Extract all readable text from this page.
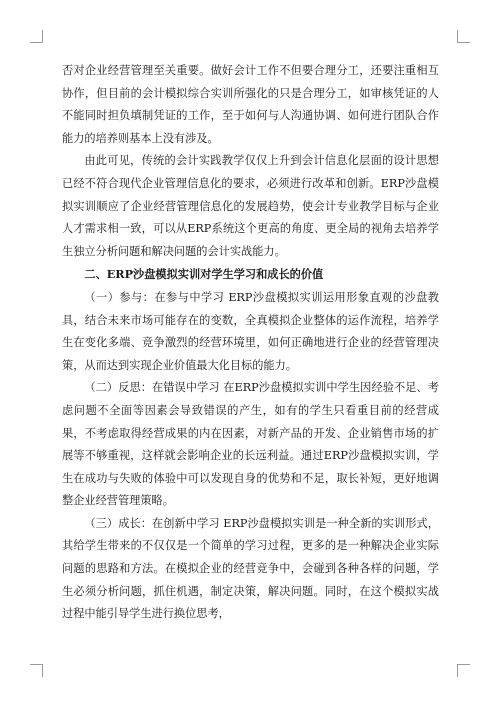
否对企业经营管理至关重要。做好会计工作不但要合理分工，还要注重相互协作，但目前的会计模拟综合实训所强化的只是合理分工，如审核凭证的人不能同时担负填制凭证的工作，至于如何与人沟通协调、如何进行团队合作能力的培养则基本上没有涉及。

由此可见，传统的会计实践教学仅仅上升到会计信息化层面的设计思想已经不符合现代企业管理信息化的要求，必须进行改革和创新。ERP沙盘模拟实训顺应了企业经营管理信息化的发展趋势，使会计专业教学目标与企业人才需求相一致，可以从ERP系统这个更高的角度、更全局的视角去培养学生独立分析问题和解决问题的会计实战能力。

二、ERP沙盘模拟实训对学生学习和成长的价值

（一）参与：在参与中学习 ERP沙盘模拟实训运用形象直观的沙盘教具，结合未来市场可能存在的变数，全真模拟企业整体的运作流程，培养学生在变化多端、竞争激烈的经营环境里，如何正确地进行企业的经营管理决策，从而达到实现企业价值最大化目标的能力。

（二）反思：在错误中学习 在ERP沙盘模拟实训中学生因经验不足、考虑问题不全面等因素会导致错误的产生，如有的学生只看重目前的经营成果，不考虑取得经营成果的内在因素，对新产品的开发、企业销售市场的扩展等不够重视，这样就会影响企业的长远利益。通过ERP沙盘模拟实训，学生在成功与失败的体验中可以发现自身的优势和不足，取长补短，更好地调整企业经营管理策略。

（三）成长：在创新中学习 ERP沙盘模拟实训是一种全新的实训形式，其给学生带来的不仅仅是一个简单的学习过程，更多的是一种解决企业实际问题的思路和方法。在模拟企业的经营竞争中，会碰到各种各样的问题，学生必须分析问题，抓住机遇，制定决策，解决问题。同时，在这个模拟实战过程中能引导学生进行换位思考，
